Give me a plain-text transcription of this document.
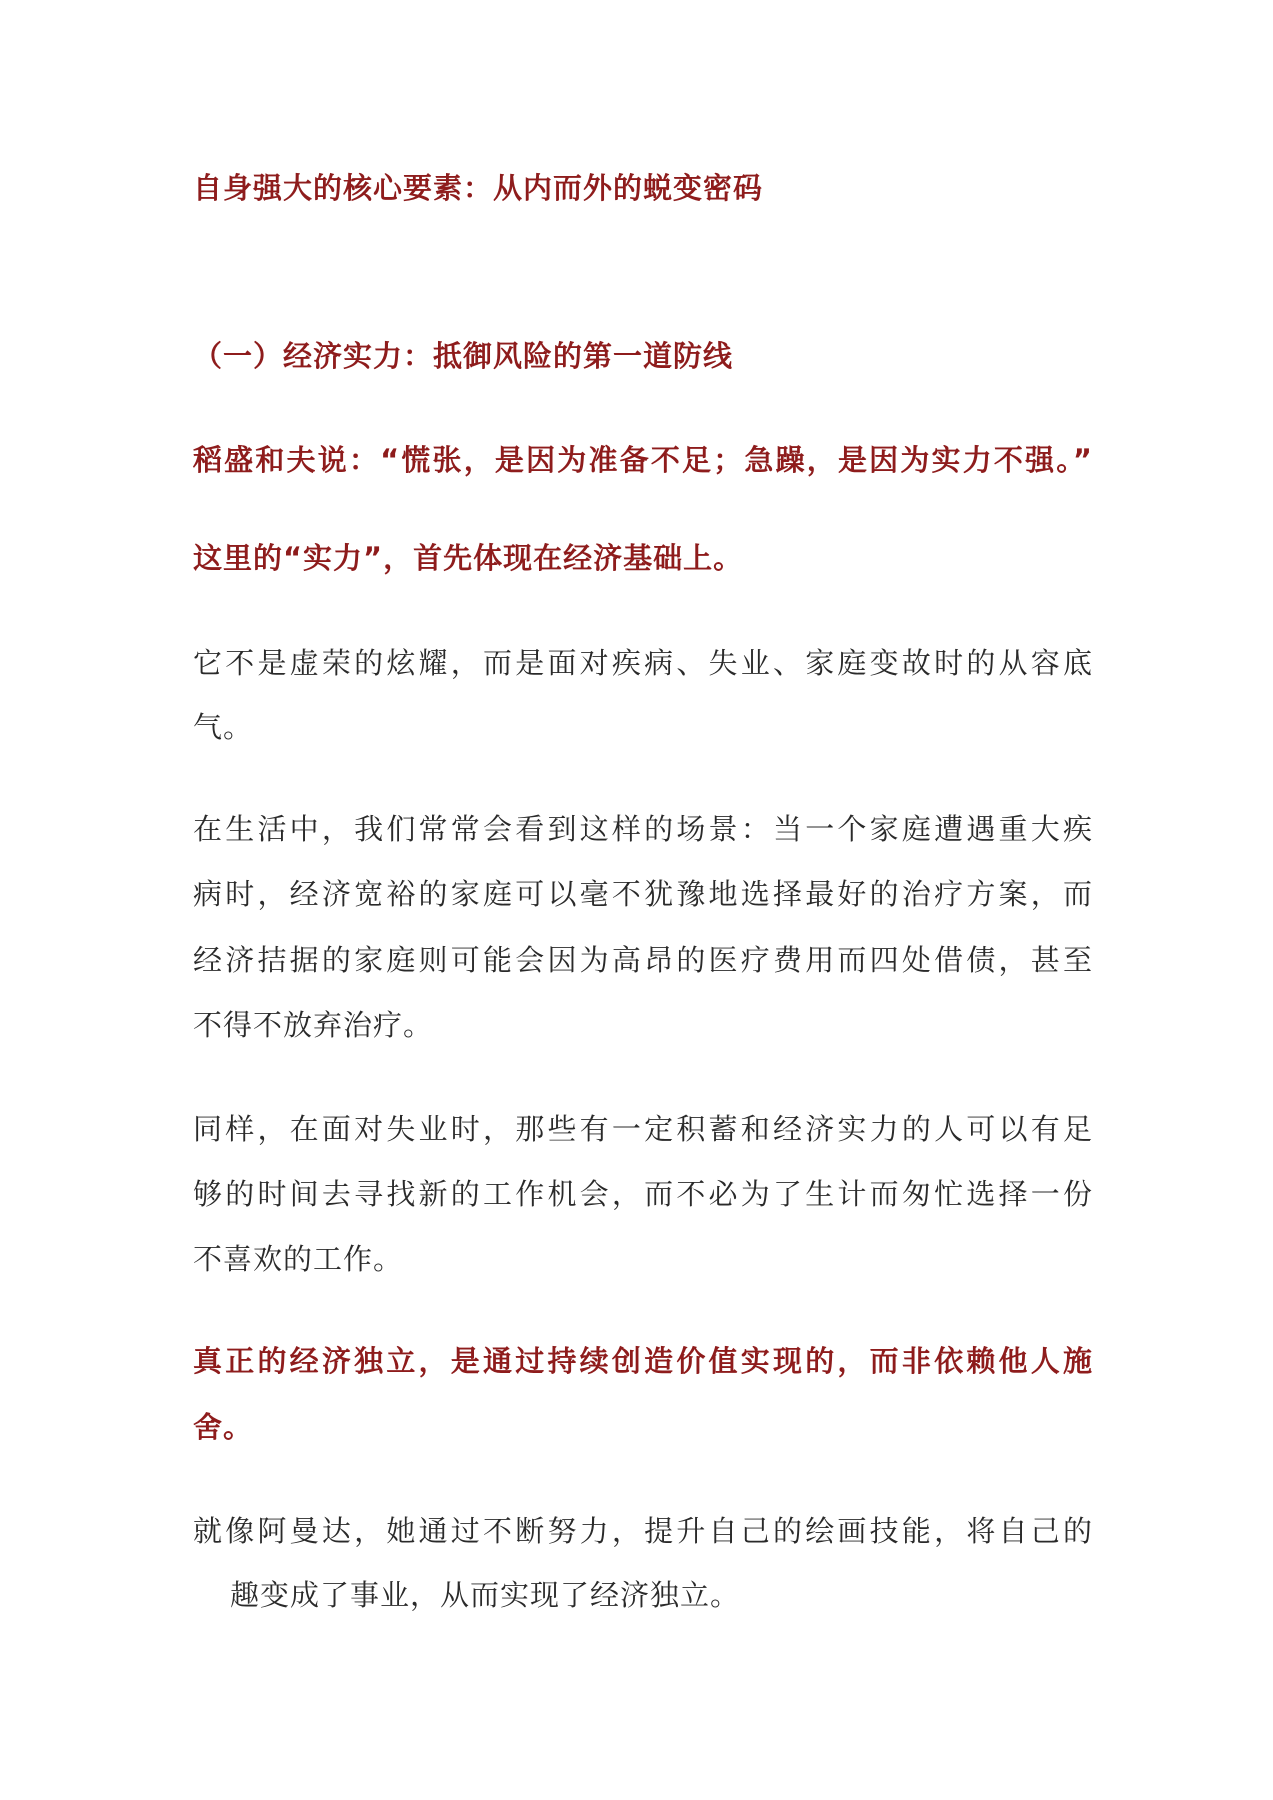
自身强大的核心要素：从内而外的蜕变密码

（一）经济实力：抵御风险的第一道防线

稻盛和夫说：“慌张，是因为准备不足；急躁，是因为实力不强。”

这里的“实力”，首先体现在经济基础上。

它不是虚荣的炫耀，而是面对疾病、失业、家庭变故时的从容底

气。

在生活中，我们常常会看到这样的场景：当一个家庭遭遇重大疾

病时，经济宽裕的家庭可以毫不犹豫地选择最好的治疗方案，而

经济拮据的家庭则可能会因为高昂的医疗费用而四处借债，甚至

不得不放弃治疗。

同样，在面对失业时，那些有一定积蓄和经济实力的人可以有足

够的时间去寻找新的工作机会，而不必为了生计而匆忙选择一份

不喜欢的工作。

真正的经济独立，是通过持续创造价值实现的，而非依赖他人施

舍。

就像阿曼达，她通过不断努力，提升自己的绘画技能，将自己的

趣变成了事业，从而实现了经济独立。
